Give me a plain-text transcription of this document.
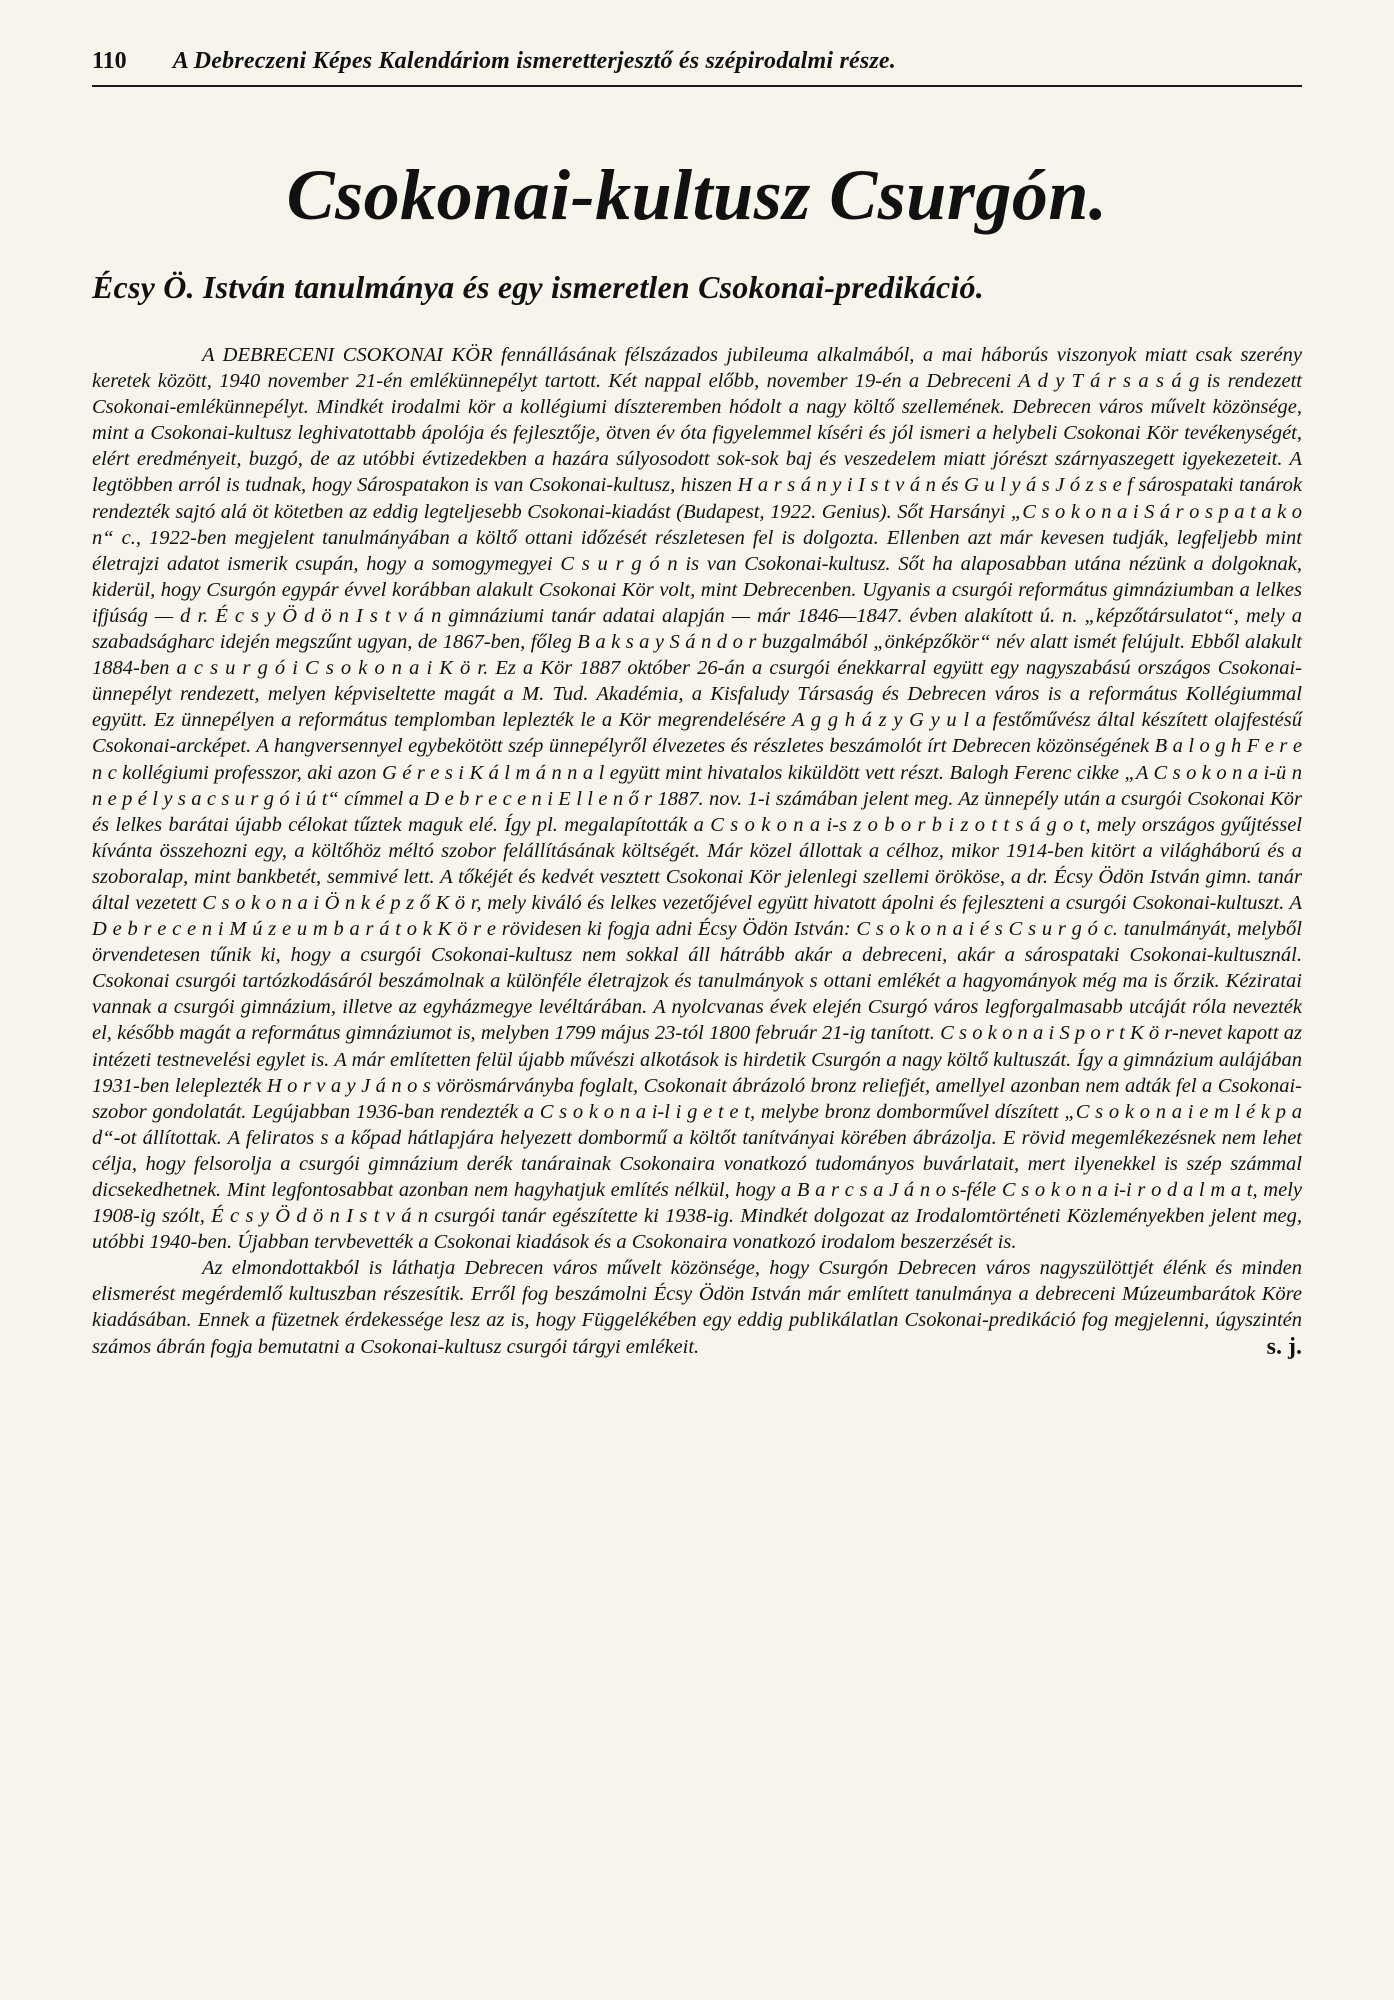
110 A Debreczeni Képes Kalendáriom ismeretterjesztő és szépirodalmi része.
Csokonai-kultusz Csurgón.
Écsy Ö. István tanulmánya és egy ismeretlen Csokonai-predikáció.

A DEBRECENI CSOKONAI KÖR fennállásának félszázados jubileuma alkalmából, a mai háborús viszonyok miatt csak szerény keretek között, 1940 november 21-én emlékünnepélyt tartott. Két nappal előbb, november 19-én a Debreceni A d y T á r s a s á g is rendezett Csokonai-emlékünnepélyt. Mindkét irodalmi kör a kollégiumi díszteremben hódolt a nagy költő szellemének. Debrecen város művelt közönsége, mint a Csokonai-kultusz leghivatottabb ápolója és fejlesztője, ötven év óta figyelemmel kíséri és jól ismeri a helybeli Csokonai Kör tevékenységét, elért eredményeit, buzgó, de az utóbbi évtizedekben a hazára súlyosodott sok-sok baj és veszedelem miatt jórészt szárnyaszegett igyekezeteit. A legtöbben arról is tudnak, hogy Sárospatakon is van Csokonai-kultusz, hiszen H a r s á n y i I s t v á n és G u l y á s J ó z s e f sárospataki tanárok rendezték sajtó alá öt kötetben az eddig legteljesebb Csokonai-kiadást (Budapest, 1922. Genius). Sőt Harsányi „C s o k o n a i S á r o s p a t a k o n“ c., 1922-ben megjelent tanulmányában a költő ottani időzését részletesen fel is dolgozta. Ellenben azt már kevesen tudják, legfeljebb mint életrajzi adatot ismerik csupán, hogy a somogymegyei C s u r g ó n is van Csokonai-kultusz. Sőt ha alaposabban utána nézünk a dolgoknak, kiderül, hogy Csurgón egypár évvel korábban alakult Csokonai Kör volt, mint Debrecenben. Ugyanis a csurgói református gimnáziumban a lelkes ifjúság — d r. É c s y Ö d ö n I s t v á n gimnáziumi tanár adatai alapján — már 1846—1847. évben alakított ú. n. „képzőtársulatot“, mely a szabadságharc idején megszűnt ugyan, de 1867-ben, főleg B a k s a y S á n d o r buzgalmából „önképzőkör“ név alatt ismét felújult. Ebből alakult 1884-ben a c s u r g ó i C s o k o n a i K ö r. Ez a Kör 1887 október 26-án a csurgói énekkarral együtt egy nagyszabású országos Csokonai-ünnepélyt rendezett, melyen képviseltette magát a M. Tud. Akadémia, a Kisfaludy Társaság és Debrecen város is a református Kollégiummal együtt. Ez ünnepélyen a református templomban leplezték le a Kör megrendelésére A g g h á z y G y u l a festőművész által készített olajfestésű Csokonai-arcképet. A hangversennyel egybekötött szép ünnepélyről élvezetes és részletes beszámolót írt Debrecen közönségének B a l o g h F e r e n c kollégiumi professzor, aki azon G é r e s i K á l m á n n a l együtt mint hivatalos kiküldött vett részt. Balogh Ferenc cikke „A C s o k o n a i-ü n n e p é l y s a c s u r g ó i ú t“ címmel a D e b r e c e n i E l l e n ő r 1887. nov. 1-i számában jelent meg. Az ünnepély után a csurgói Csokonai Kör és lelkes barátai újabb célokat tűztek maguk elé. Így pl. megalapították a C s o k o n a i-s z o b o r b i z o t t s á g o t, mely országos gyűjtéssel kívánta összehozni egy, a költőhöz méltó szobor felállításának költségét. Már közel állottak a célhoz, mikor 1914-ben kitört a világháború és a szoboralap, mint bankbetét, semmivé lett. A tőkéjét és kedvét vesztett Csokonai Kör jelenlegi szellemi örököse, a dr. Écsy Ödön István gimn. tanár által vezetett C s o k o n a i Ö n k é p z ő K ö r, mely kiváló és lelkes vezetőjével együtt hivatott ápolni és fejleszteni a csurgói Csokonai-kultuszt. A D e b r e c e n i M ú z e u m b a r á t o k K ö r e rövidesen ki fogja adni Écsy Ödön István: C s o k o n a i é s C s u r g ó c. tanulmányát, melyből örvendetesen tűnik ki, hogy a csurgói Csokonai-kultusz nem sokkal áll hátrább akár a debreceni, akár a sárospataki Csokonai-kultusznál. Csokonai csurgói tartózkodásáról beszámolnak a különféle életrajzok és tanulmányok s ottani emlékét a hagyományok még ma is őrzik. Kéziratai vannak a csurgói gimnázium, illetve az egyházmegye levéltárában. A nyolcvanas évek elején Csurgó város legforgalmasabb utcáját róla nevezték el, később magát a református gimnáziumot is, melyben 1799 május 23-tól 1800 február 21-ig tanított. C s o k o n a i S p o r t K ö r-nevet kapott az intézeti testnevelési egylet is. A már említetten felül újabb művészi alkotások is hirdetik Csurgón a nagy költő kultuszát. Így a gimnázium aulájában 1931-ben leleplezték H o r v a y J á n o s vörösmárványba foglalt, Csokonait ábrázoló bronz reliefjét, amellyel azonban nem adták fel a Csokonai-szobor gondolatát. Legújabban 1936-ban rendezték a C s o k o n a i-l i g e t e t, melybe bronz domborművel díszített „C s o k o n a i e m l é k p a d“-ot állítottak. A feliratos s a kőpad hátlapjára helyezett dombormű a költőt tanítványai körében ábrázolja. E rövid megemlékezésnek nem lehet célja, hogy felsorolja a csurgói gimnázium derék tanárainak Csokonaira vonatkozó tudományos buvárlatait, mert ilyenekkel is szép számmal dicsekedhetnek. Mint legfontosabbat azonban nem hagyhatjuk említés nélkül, hogy a B a r c s a J á n o s-féle C s o k o n a i-i r o d a l m a t, mely 1908-ig szólt, É c s y Ö d ö n I s t v á n csurgói tanár egészítette ki 1938-ig. Mindkét dolgozat az Irodalomtörténeti Közleményekben jelent meg, utóbbi 1940-ben. Újabban tervbevették a Csokonai kiadások és a Csokonaira vonatkozó irodalom beszerzését is.

Az elmondottakból is láthatja Debrecen város művelt közönsége, hogy Csurgón Debrecen város nagyszülöttjét élénk és minden elismerést megérdemlő kultuszban részesítik. Erről fog beszámolni Écsy Ödön István már említett tanulmánya a debreceni Múzeumbarátok Köre kiadásában. Ennek a füzetnek érdekessége lesz az is, hogy Függelékében egy eddig publikálatlan Csokonai-predikáció fog megjelenni, úgyszintén számos ábrán fogja bemutatni a Csokonai-kultusz csurgói tárgyi emlékeit.	s. j.
